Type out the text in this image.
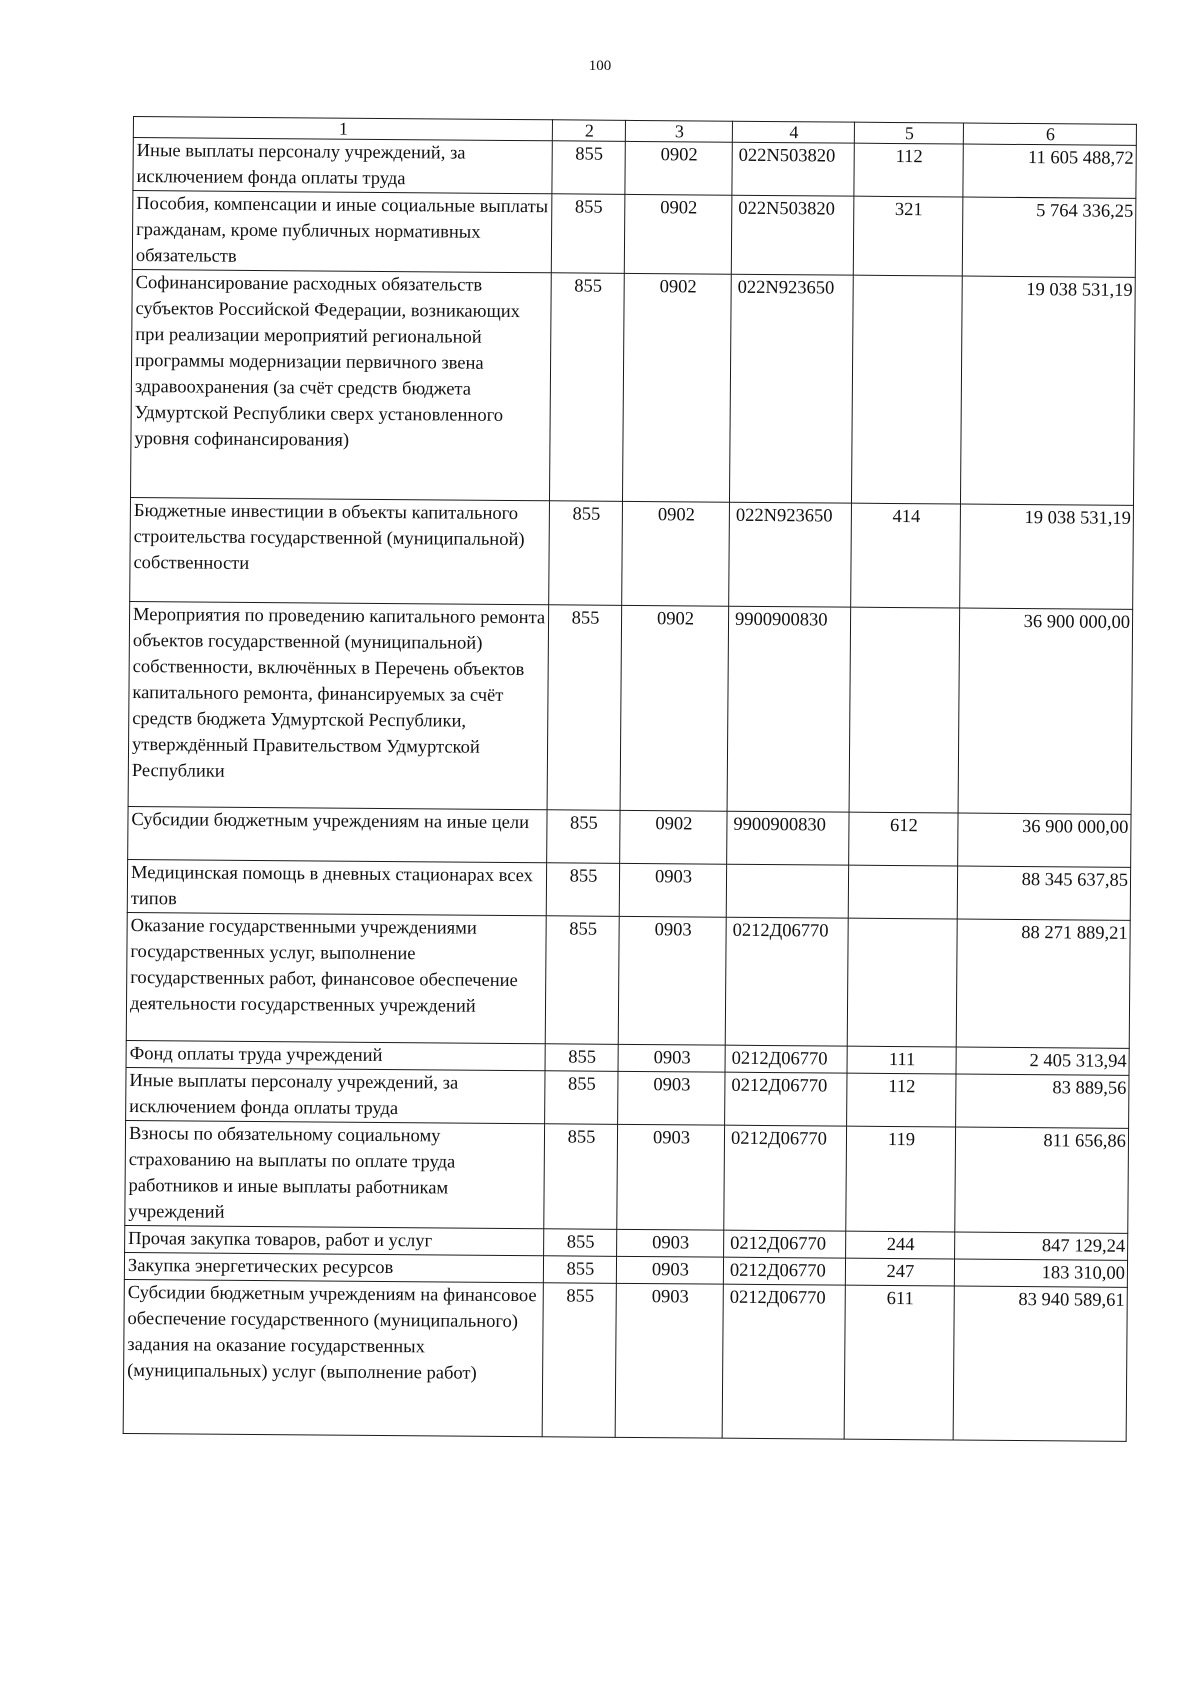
100
1	2	3	4	5	6
Иные выплаты персоналу учреждений, за исключением фонда оплаты труда	855	0902	022N503820	112	11 605 488,72
Пособия, компенсации и иные социальные выплаты гражданам, кроме публичных нормативных обязательств	855	0902	022N503820	321	5 764 336,25
Софинансирование расходных обязательств субъектов Российской Федерации, возникающих при реализации мероприятий региональной программы модернизации первичного звена здравоохранения (за счёт средств бюджета Удмуртской Республики сверх установленного уровня софинансирования)	855	0902	022N923650		19 038 531,19
Бюджетные инвестиции в объекты капитального строительства государственной (муниципальной) собственности	855	0902	022N923650	414	19 038 531,19
Мероприятия по проведению капитального ремонта объектов государственной (муниципальной) собственности, включённых в Перечень объектов капитального ремонта, финансируемых за счёт средств бюджета Удмуртской Республики, утверждённый Правительством Удмуртской Республики	855	0902	9900900830		36 900 000,00
Субсидии бюджетным учреждениям на иные цели	855	0902	9900900830	612	36 900 000,00
Медицинская помощь в дневных стационарах всех типов	855	0903			88 345 637,85
Оказание государственными учреждениями государственных услуг, выполнение государственных работ, финансовое обеспечение деятельности государственных учреждений	855	0903	0212Д06770		88 271 889,21
Фонд оплаты труда учреждений	855	0903	0212Д06770	111	2 405 313,94
Иные выплаты персоналу учреждений, за исключением фонда оплаты труда	855	0903	0212Д06770	112	83 889,56
Взносы по обязательному социальному страхованию на выплаты по оплате труда работников и иные выплаты работникам учреждений	855	0903	0212Д06770	119	811 656,86
Прочая закупка товаров, работ и услуг	855	0903	0212Д06770	244	847 129,24
Закупка энергетических ресурсов	855	0903	0212Д06770	247	183 310,00
Субсидии бюджетным учреждениям на финансовое обеспечение государственного (муниципального) задания на оказание государственных (муниципальных) услуг (выполнение работ)	855	0903	0212Д06770	611	83 940 589,61
